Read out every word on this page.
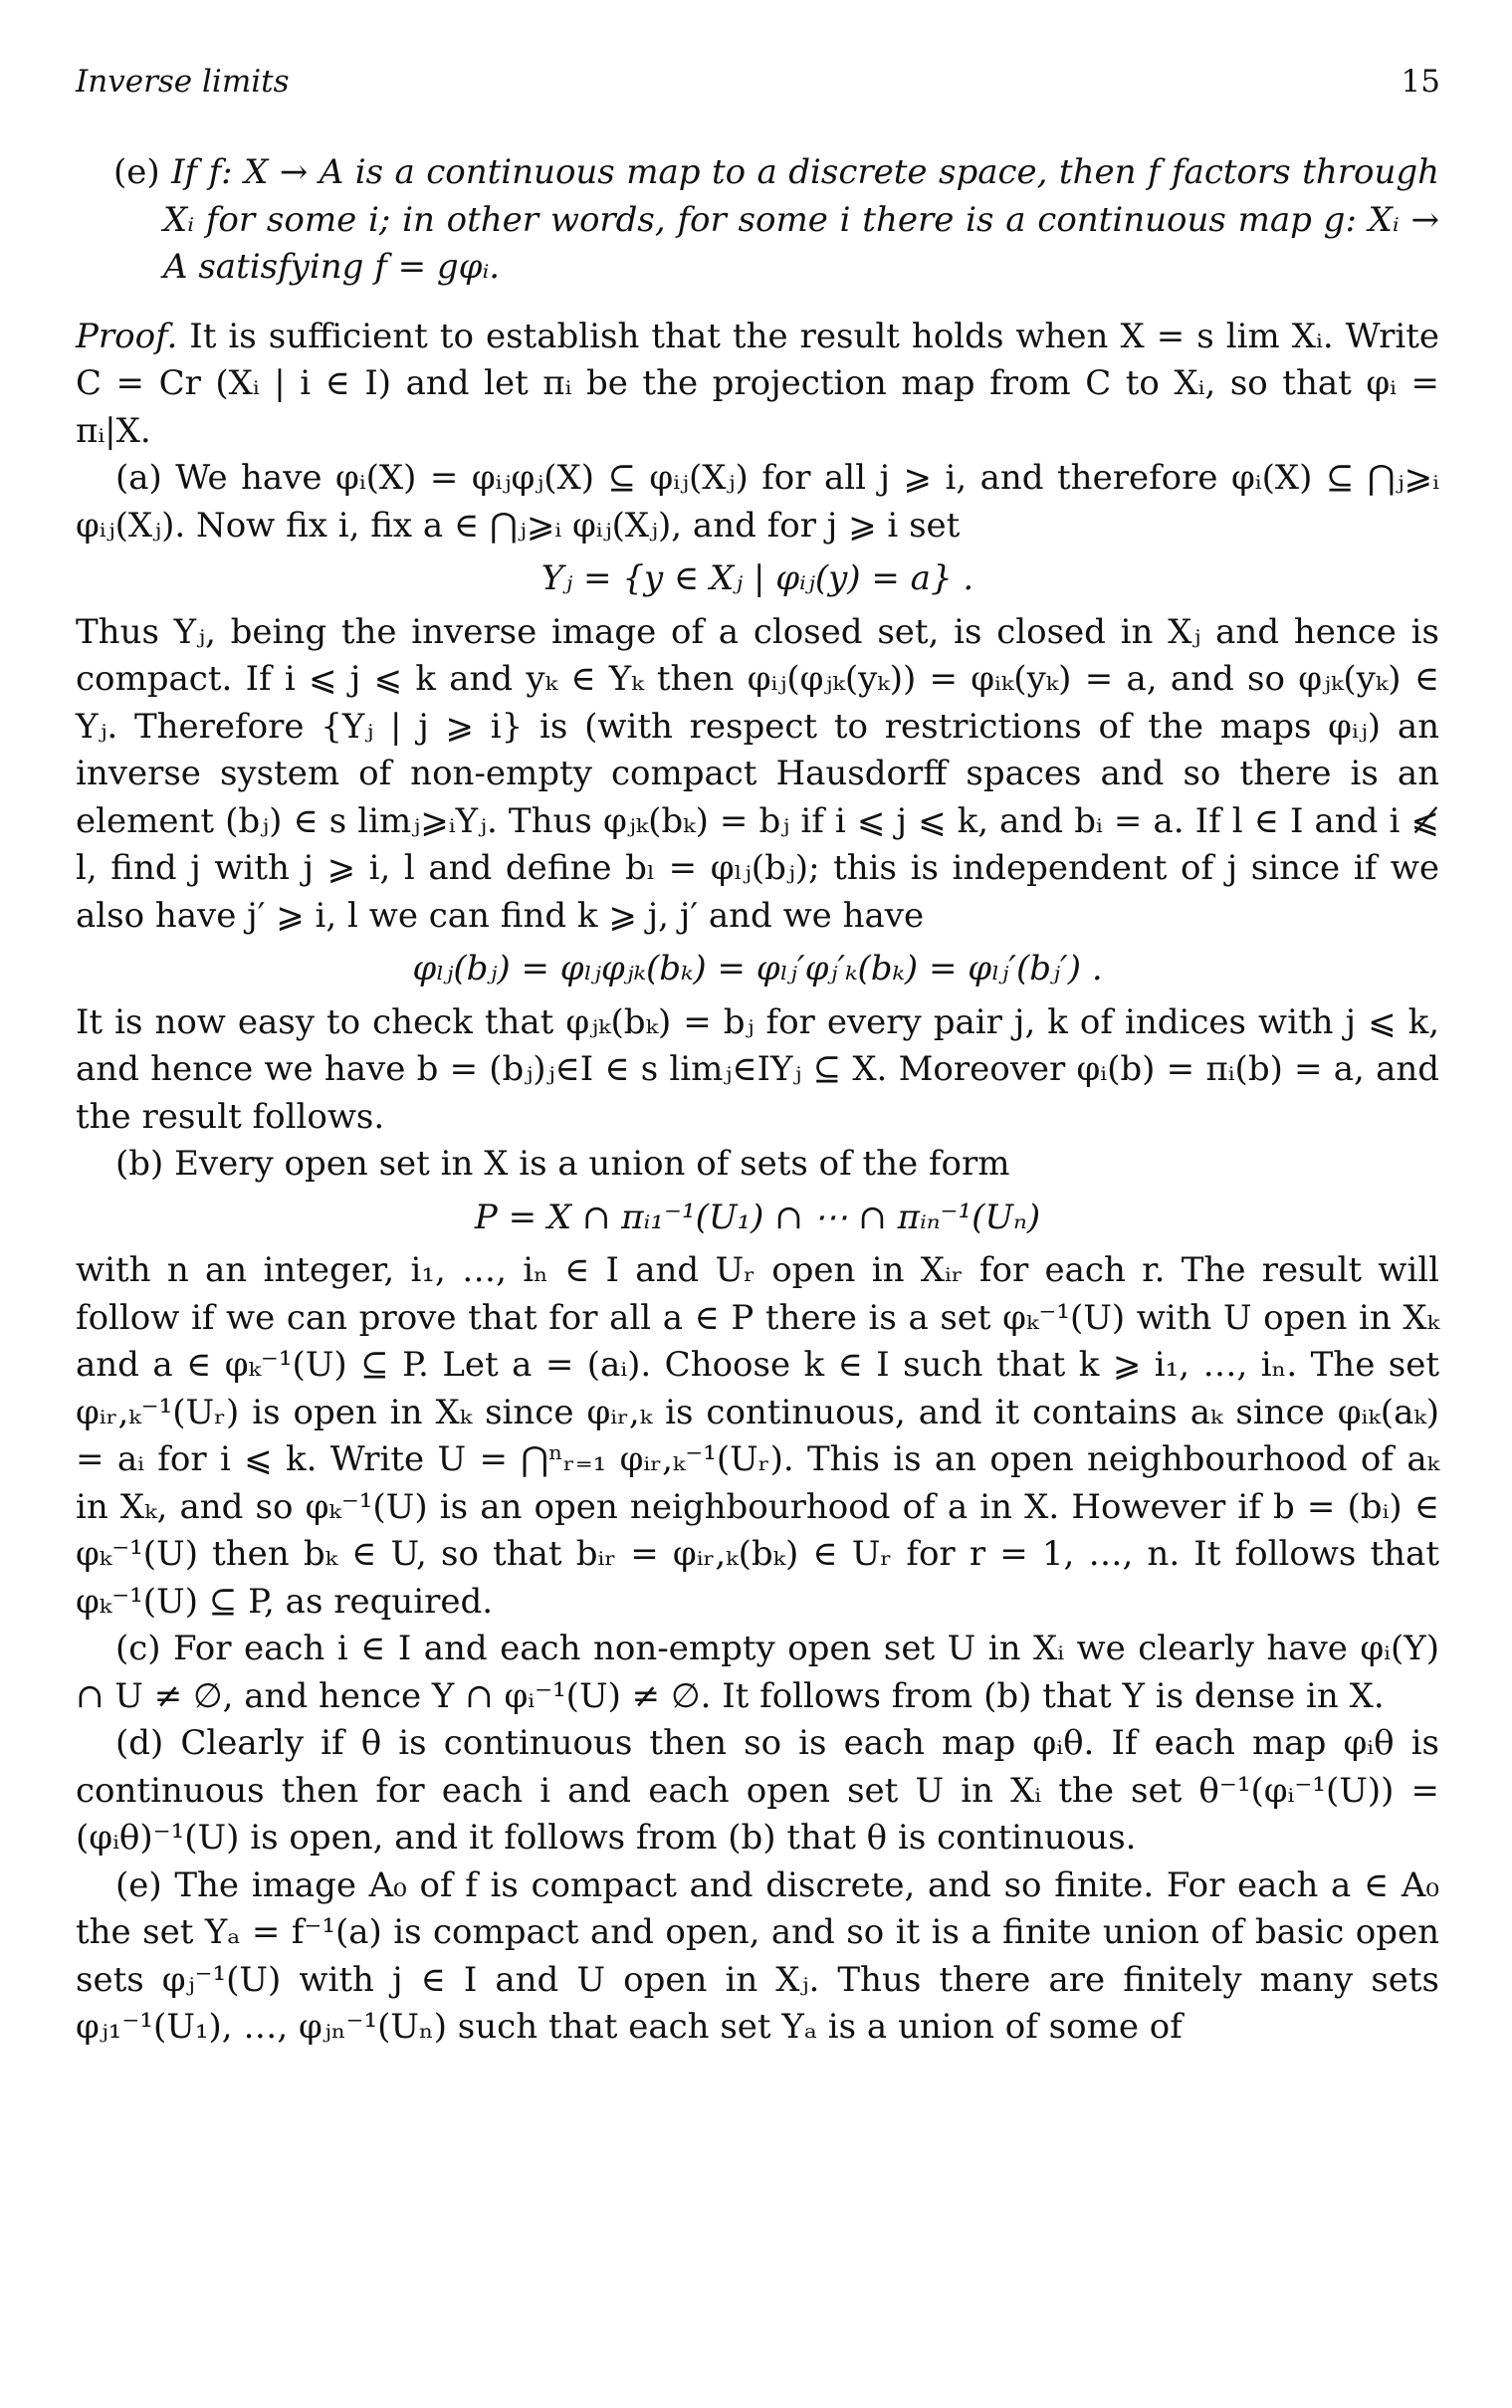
Inverse limits	15

(e) If f: X → A is a continuous map to a discrete space, then f factors through Xᵢ for some i; in other words, for some i there is a continuous map g: Xᵢ → A satisfying f = gφᵢ.

Proof. It is sufficient to establish that the result holds when X = s lim Xᵢ. Write C = Cr (Xᵢ | i ∈ I) and let πᵢ be the projection map from C to Xᵢ, so that φᵢ = πᵢ|X.

(a) We have φᵢ(X) = φᵢⱼφⱼ(X) ⊆ φᵢⱼ(Xⱼ) for all j ⩾ i, and therefore φᵢ(X) ⊆ ⋂ⱼ⩾ᵢ φᵢⱼ(Xⱼ). Now fix i, fix a ∈ ⋂ⱼ⩾ᵢ φᵢⱼ(Xⱼ), and for j ⩾ i set

Yⱼ = {y ∈ Xⱼ | φᵢⱼ(y) = a} .

Thus Yⱼ, being the inverse image of a closed set, is closed in Xⱼ and hence is compact. If i ⩽ j ⩽ k and yₖ ∈ Yₖ then φᵢⱼ(φⱼₖ(yₖ)) = φᵢₖ(yₖ) = a, and so φⱼₖ(yₖ) ∈ Yⱼ. Therefore {Yⱼ | j ⩾ i} is (with respect to restrictions of the maps φᵢⱼ) an inverse system of non-empty compact Hausdorff spaces and so there is an element (bⱼ) ∈ s limⱼ⩾ᵢYⱼ. Thus φⱼₖ(bₖ) = bⱼ if i ⩽ j ⩽ k, and bᵢ = a. If l ∈ I and i ⩽̸ l, find j with j ⩾ i, l and define bₗ = φₗⱼ(bⱼ); this is independent of j since if we also have j′ ⩾ i, l we can find k ⩾ j, j′ and we have

φₗⱼ(bⱼ) = φₗⱼφⱼₖ(bₖ) = φₗⱼ′φⱼ′ₖ(bₖ) = φₗⱼ′(bⱼ′) .

It is now easy to check that φⱼₖ(bₖ) = bⱼ for every pair j, k of indices with j ⩽ k, and hence we have b = (bⱼ)ⱼ∈I ∈ s limⱼ∈IYⱼ ⊆ X. Moreover φᵢ(b) = πᵢ(b) = a, and the result follows.

(b) Every open set in X is a union of sets of the form

P = X ∩ πᵢ₁⁻¹(U₁) ∩ ⋯ ∩ πᵢₙ⁻¹(Uₙ)

with n an integer, i₁, …, iₙ ∈ I and Uᵣ open in Xᵢᵣ for each r. The result will follow if we can prove that for all a ∈ P there is a set φₖ⁻¹(U) with U open in Xₖ and a ∈ φₖ⁻¹(U) ⊆ P. Let a = (aᵢ). Choose k ∈ I such that k ⩾ i₁, …, iₙ. The set φᵢᵣ,ₖ⁻¹(Uᵣ) is open in Xₖ since φᵢᵣ,ₖ is continuous, and it contains aₖ since φᵢₖ(aₖ) = aᵢ for i ⩽ k. Write U = ⋂ⁿᵣ₌₁ φᵢᵣ,ₖ⁻¹(Uᵣ). This is an open neighbourhood of aₖ in Xₖ, and so φₖ⁻¹(U) is an open neighbourhood of a in X. However if b = (bᵢ) ∈ φₖ⁻¹(U) then bₖ ∈ U, so that bᵢᵣ = φᵢᵣ,ₖ(bₖ) ∈ Uᵣ for r = 1, …, n. It follows that φₖ⁻¹(U) ⊆ P, as required.

(c) For each i ∈ I and each non-empty open set U in Xᵢ we clearly have φᵢ(Y) ∩ U ≠ ∅, and hence Y ∩ φᵢ⁻¹(U) ≠ ∅. It follows from (b) that Y is dense in X.

(d) Clearly if θ is continuous then so is each map φᵢθ. If each map φᵢθ is continuous then for each i and each open set U in Xᵢ the set θ⁻¹(φᵢ⁻¹(U)) = (φᵢθ)⁻¹(U) is open, and it follows from (b) that θ is continuous.

(e) The image A₀ of f is compact and discrete, and so finite. For each a ∈ A₀ the set Yₐ = f⁻¹(a) is compact and open, and so it is a finite union of basic open sets φⱼ⁻¹(U) with j ∈ I and U open in Xⱼ. Thus there are finitely many sets φⱼ₁⁻¹(U₁), …, φⱼₙ⁻¹(Uₙ) such that each set Yₐ is a union of some of
